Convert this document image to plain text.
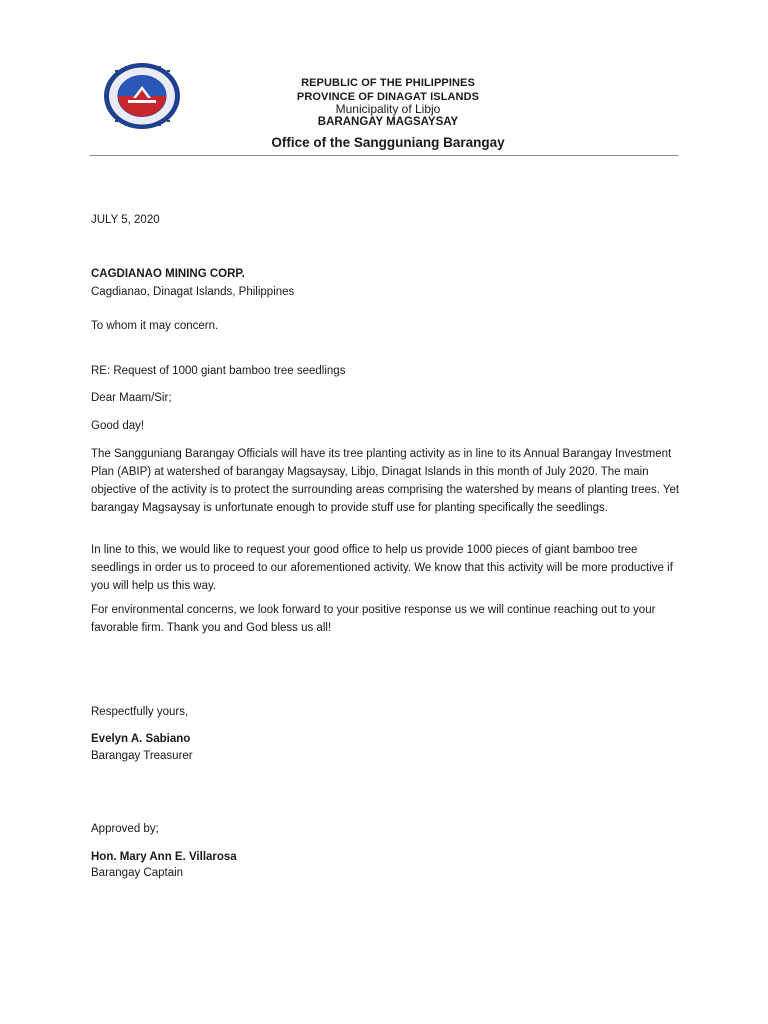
REPUBLIC OF THE PHILIPPINES
PROVINCE OF DINAGAT ISLANDS
Municipality of Libjo
BARANGAY MAGSAYSAY
Office of the Sangguniang Barangay

JULY 5, 2020

CAGDIANAO MINING CORP.

Cagdianao, Dinagat Islands, Philippines

To whom it may concern.

RE: Request of 1000 giant bamboo tree seedlings

Dear Maam/Sir;

Good day!

The Sangguniang Barangay Officials will have its tree planting activity as in line to its Annual Barangay Investment Plan (ABIP) at watershed of barangay Magsaysay, Libjo, Dinagat Islands in this month of July 2020. The main objective of the activity is to protect the surrounding areas comprising the watershed by means of planting trees. Yet barangay Magsaysay is unfortunate enough to provide stuff use for planting specifically the seedlings.

In line to this, we would like to request your good office to help us provide 1000 pieces of giant bamboo tree seedlings in order us to proceed to our aforementioned activity. We know that this activity will be more productive if you will help us this way.

For environmental concerns, we look forward to your positive response us we will continue reaching out to your favorable firm. Thank you and God bless us all!

Respectfully yours,

Evelyn A. Sabiano

Barangay Treasurer

Approved by;

Hon. Mary Ann E. Villarosa

Barangay Captain
